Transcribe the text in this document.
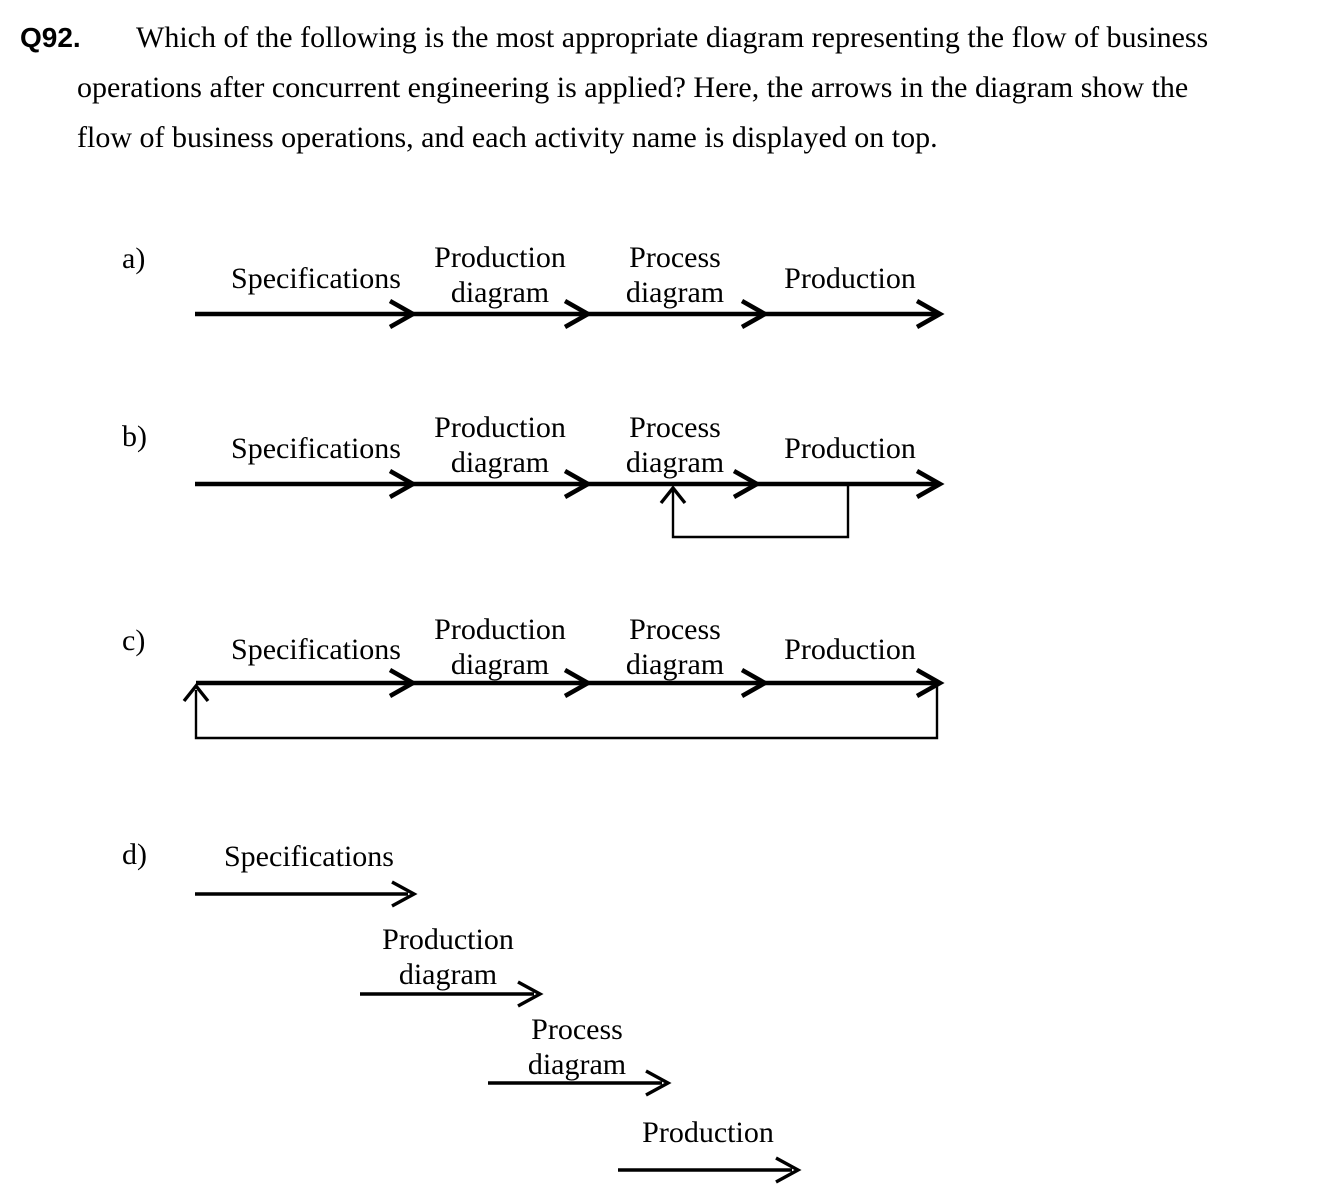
Q92. Which of the following is the most appropriate diagram representing the flow of business
operations after concurrent engineering is applied? Here, the arrows in the diagram show the
flow of business operations, and each activity name is displayed on top.
a)
Specifications
Production
diagram
Process
diagram Production
b)	Specifications
Production
diagram
Process
diagram Production
c)	Specifications
Production
diagram
Process
diagram Production
d)	Specifications
Production
diagram
Process
diagram
Production
